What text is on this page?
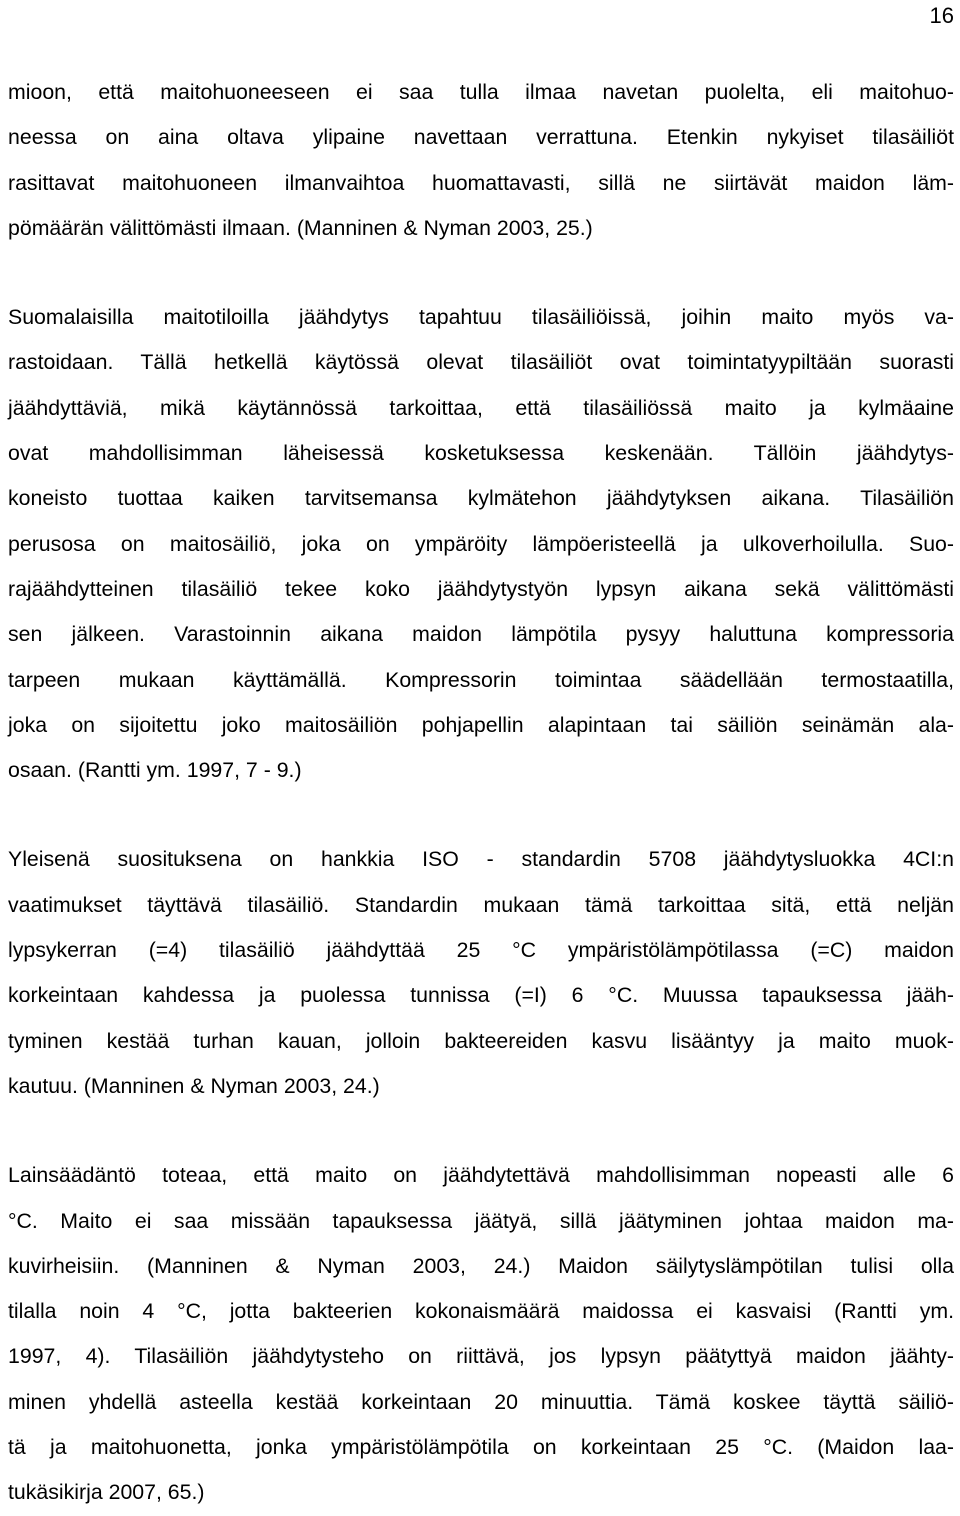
16
mioon, että maitohuoneeseen ei saa tulla ilmaa navetan puolelta, eli maitohuo-
neessa on aina oltava ylipaine navettaan verrattuna. Etenkin nykyiset tilasäiliöt
rasittavat maitohuoneen ilmanvaihtoa huomattavasti, sillä ne siirtävät maidon läm-
pömäärän välittömästi ilmaan. (Manninen & Nyman 2003, 25.)
Suomalaisilla maitotiloilla jäähdytys tapahtuu tilasäiliöissä, joihin maito myös va-
rastoidaan. Tällä hetkellä käytössä olevat tilasäiliöt ovat toimintatyypiltään suorasti
jäähdyttäviä, mikä käytännössä tarkoittaa, että tilasäiliössä maito ja kylmäaine
ovat mahdollisimman läheisessä kosketuksessa keskenään. Tällöin jäähdytys-
koneisto tuottaa kaiken tarvitsemansa kylmätehon jäähdytyksen aikana. Tilasäiliön
perusosa on maitosäiliö, joka on ympäröity lämpöeristeellä ja ulkoverhoilulla. Suo-
rajäähdytteinen tilasäiliö tekee koko jäähdytystyön lypsyn aikana sekä välittömästi
sen jälkeen. Varastoinnin aikana maidon lämpötila pysyy haluttuna kompressoria
tarpeen mukaan käyttämällä. Kompressorin toimintaa säädellään termostaatilla,
joka on sijoitettu joko maitosäiliön pohjapellin alapintaan tai säiliön seinämän ala-
osaan. (Rantti ym. 1997, 7 - 9.)
Yleisenä suosituksena on hankkia ISO - standardin 5708 jäähdytysluokka 4CI:n
vaatimukset täyttävä tilasäiliö. Standardin mukaan tämä tarkoittaa sitä, että neljän
lypsykerran (=4) tilasäiliö jäähdyttää 25 °C ympäristölämpötilassa (=C) maidon
korkeintaan kahdessa ja puolessa tunnissa (=I) 6 °C. Muussa tapauksessa jääh-
tyminen kestää turhan kauan, jolloin bakteereiden kasvu lisääntyy ja maito muok-
kautuu. (Manninen & Nyman 2003, 24.)
Lainsäädäntö toteaa, että maito on jäähdytettävä mahdollisimman nopeasti alle 6
°C. Maito ei saa missään tapauksessa jäätyä, sillä jäätyminen johtaa maidon ma-
kuvirheisiin. (Manninen & Nyman 2003, 24.) Maidon säilytyslämpötilan tulisi olla
tilalla noin 4 °C, jotta bakteerien kokonaismäärä maidossa ei kasvaisi (Rantti ym.
1997, 4). Tilasäiliön jäähdytysteho on riittävä, jos lypsyn päätyttyä maidon jäähty-
minen yhdellä asteella kestää korkeintaan 20 minuuttia. Tämä koskee täyttä säiliö-
tä ja maitohuonetta, jonka ympäristölämpötila on korkeintaan 25 °C. (Maidon laa-
tukäsikirja 2007, 65.)
